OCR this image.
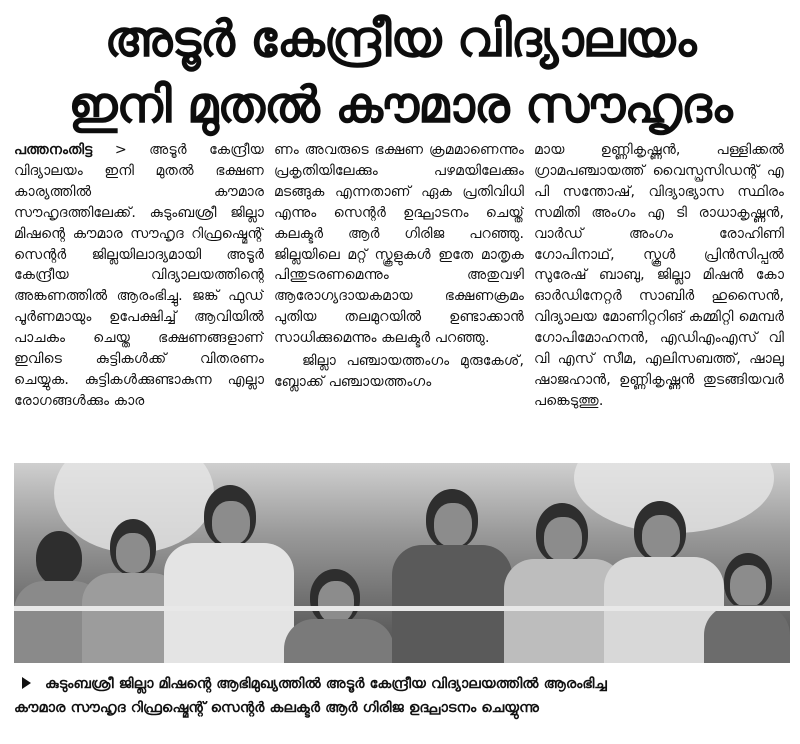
അടൂർ കേന്ദ്രീയ വിദ്യാലയം
ഇനി മുതൽ കൗമാര സൗഹൃദം

പത്തനംതിട്ട > അടൂർ കേന്ദ്രീയ വിദ്യാലയം ഇനി മുതൽ ഭക്ഷണ കാര്യത്തിൽ കൗമാര സൗഹൃദത്തിലേക്ക്. കുടുംബശ്രീ ജില്ലാ മിഷന്റെ കൗമാര സൗഹൃദ റിഫ്രഷ്മെന്റ് സെന്റർ ജില്ലയിലാദ്യമായി അടൂർ കേന്ദ്രീയ വിദ്യാലയത്തിന്റെ അങ്കണത്തിൽ ആരംഭിച്ചു. ജങ്ക് ഫുഡ് പൂർണമായും ഉപേക്ഷിച്ച് ആവിയിൽ പാചകം ചെയ്ത ഭക്ഷണങ്ങളാണ് ഇവിടെ കുട്ടികൾക്ക് വിതരണം ചെയ്യുക. കുട്ടികൾക്കുണ്ടാകുന്ന എല്ലാ രോഗങ്ങൾക്കും കാര

ണം അവരുടെ ഭക്ഷണ ക്രമമാണെന്നും പ്രകൃതിയിലേക്കും പഴമയിലേക്കും മടങ്ങുക എന്നതാണ് ഏക പ്രതിവിധി എന്നും സെന്റർ ഉദ്ഘാടനം ചെയ്ത് കലക്ടർ ആർ ഗിരിജ പറഞ്ഞു. ജില്ലയിലെ മറ്റ് സ്കൂളുകൾ ഇതേ മാതൃക പിന്തുടരണമെന്നും അതുവഴി ആരോഗ്യദായകമായ ഭക്ഷണക്രമം പുതിയ തലമുറയിൽ ഉണ്ടാക്കാൻ സാധിക്കുമെന്നും കലക്ടർ പറഞ്ഞു.

ജില്ലാ പഞ്ചായത്തംഗം മുരുകേശ്, ബ്ലോക്ക് പഞ്ചായത്തംഗം

മായ ഉണ്ണികൃഷ്ണൻ, പള്ളിക്കൽ ഗ്രാമപഞ്ചായത്ത് വൈസ്പ്രസിഡന്റ് എ പി സന്തോഷ്, വിദ്യാഭ്യാസ സ്ഥിരം സമിതി അംഗം എ ടി രാധാകൃഷ്ണൻ, വാർഡ് അംഗം രോഹിണി ഗോപിനാഥ്, സ്കൂൾ പ്രിൻസിപ്പൽ സുരേഷ് ബാബു, ജില്ലാ മിഷൻ കോ ഓർഡിനേറ്റർ സാബിർ ഹുസൈൻ, വിദ്യാലയ മോണിറ്ററിങ് കമ്മിറ്റി മെമ്പർ ഗോപിമോഹനൻ, എഡിഎംഎസ് വി വി എസ് സീമ, എലിസബത്ത്, ഷാലു ഷാജഹാൻ, ഉണ്ണികൃഷ്ണൻ തുടങ്ങിയവർ പങ്കെടുത്തു.

കുടുംബശ്രീ ജില്ലാ മിഷന്റെ ആഭിമുഖ്യത്തിൽ അടൂർ കേന്ദ്രീയ വിദ്യാലയത്തിൽ ആരംഭിച്ച
കൗമാര സൗഹൃദ റിഫ്രഷ്മെന്റ് സെന്റർ കലക്ടർ ആർ ഗിരിജ ഉദ്ഘാടനം ചെയ്യുന്നു
